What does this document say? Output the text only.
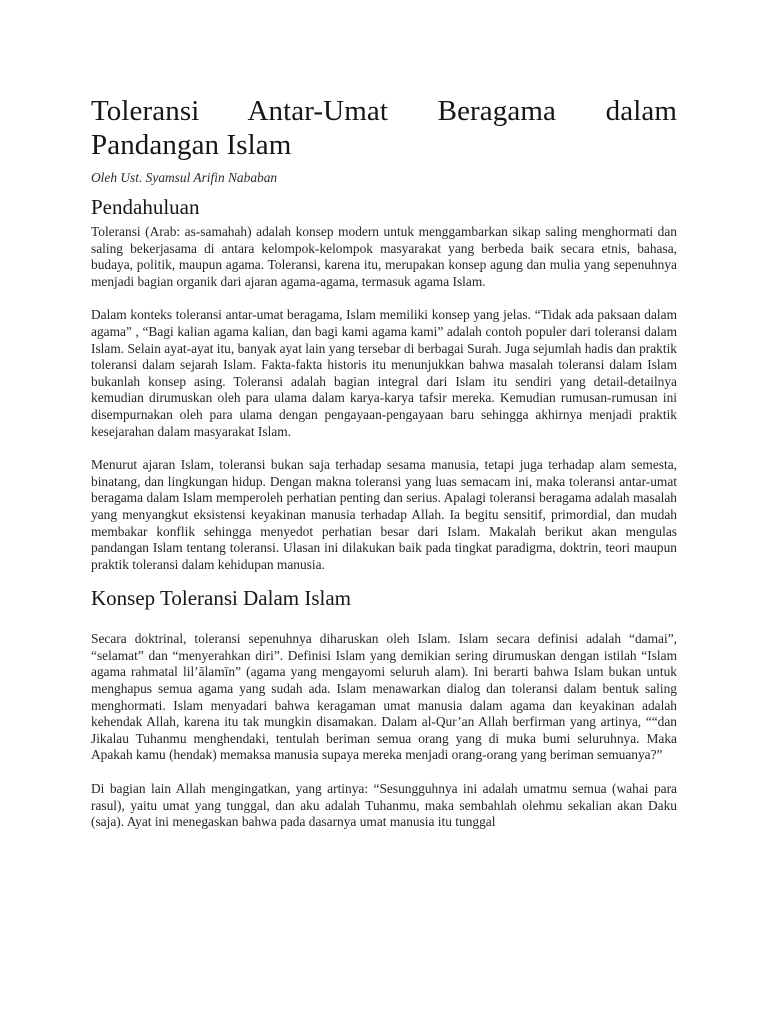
Toleransi Antar-Umat Beragama dalam
Pandangan Islam

Oleh Ust. Syamsul Arifin Nababan

Pendahuluan

Toleransi (Arab: as-samahah) adalah konsep modern untuk menggambarkan sikap saling menghormati dan saling bekerjasama di antara kelompok-kelompok masyarakat yang berbeda baik secara etnis, bahasa, budaya, politik, maupun agama. Toleransi, karena itu, merupakan konsep agung dan mulia yang sepenuhnya menjadi bagian organik dari ajaran agama-agama, termasuk agama Islam.

Dalam konteks toleransi antar-umat beragama, Islam memiliki konsep yang jelas. “Tidak ada paksaan dalam agama” , “Bagi kalian agama kalian, dan bagi kami agama kami” adalah contoh populer dari toleransi dalam Islam. Selain ayat-ayat itu, banyak ayat lain yang tersebar di berbagai Surah. Juga sejumlah hadis dan praktik toleransi dalam sejarah Islam. Fakta-fakta historis itu menunjukkan bahwa masalah toleransi dalam Islam bukanlah konsep asing. Toleransi adalah bagian integral dari Islam itu sendiri yang detail-detailnya kemudian dirumuskan oleh para ulama dalam karya-karya tafsir mereka. Kemudian rumusan-rumusan ini disempurnakan oleh para ulama dengan pengayaan-pengayaan baru sehingga akhirnya menjadi praktik kesejarahan dalam masyarakat Islam.

Menurut ajaran Islam, toleransi bukan saja terhadap sesama manusia, tetapi juga terhadap alam semesta, binatang, dan lingkungan hidup. Dengan makna toleransi yang luas semacam ini, maka toleransi antar-umat beragama dalam Islam memperoleh perhatian penting dan serius. Apalagi toleransi beragama adalah masalah yang menyangkut eksistensi keyakinan manusia terhadap Allah. Ia begitu sensitif, primordial, dan mudah membakar konflik sehingga menyedot perhatian besar dari Islam. Makalah berikut akan mengulas pandangan Islam tentang toleransi. Ulasan ini dilakukan baik pada tingkat paradigma, doktrin, teori maupun praktik toleransi dalam kehidupan manusia.

Konsep Toleransi Dalam Islam

Secara doktrinal, toleransi sepenuhnya diharuskan oleh Islam. Islam secara definisi adalah “damai”, “selamat” dan “menyerahkan diri”. Definisi Islam yang demikian sering dirumuskan dengan istilah “Islam agama rahmatal lil’ālamīn” (agama yang mengayomi seluruh alam). Ini berarti bahwa Islam bukan untuk menghapus semua agama yang sudah ada. Islam menawarkan dialog dan toleransi dalam bentuk saling menghormati. Islam menyadari bahwa keragaman umat manusia dalam agama dan keyakinan adalah kehendak Allah, karena itu tak mungkin disamakan. Dalam al-Qur’an Allah berfirman yang artinya, ““dan Jikalau Tuhanmu menghendaki, tentulah beriman semua orang yang di muka bumi seluruhnya. Maka Apakah kamu (hendak) memaksa manusia supaya mereka menjadi orang-orang yang beriman semuanya?”

Di bagian lain Allah mengingatkan, yang artinya: “Sesungguhnya ini adalah umatmu semua (wahai para rasul), yaitu umat yang tunggal, dan aku adalah Tuhanmu, maka sembahlah olehmu sekalian akan Daku (saja). Ayat ini menegaskan bahwa pada dasarnya umat manusia itu tunggal
